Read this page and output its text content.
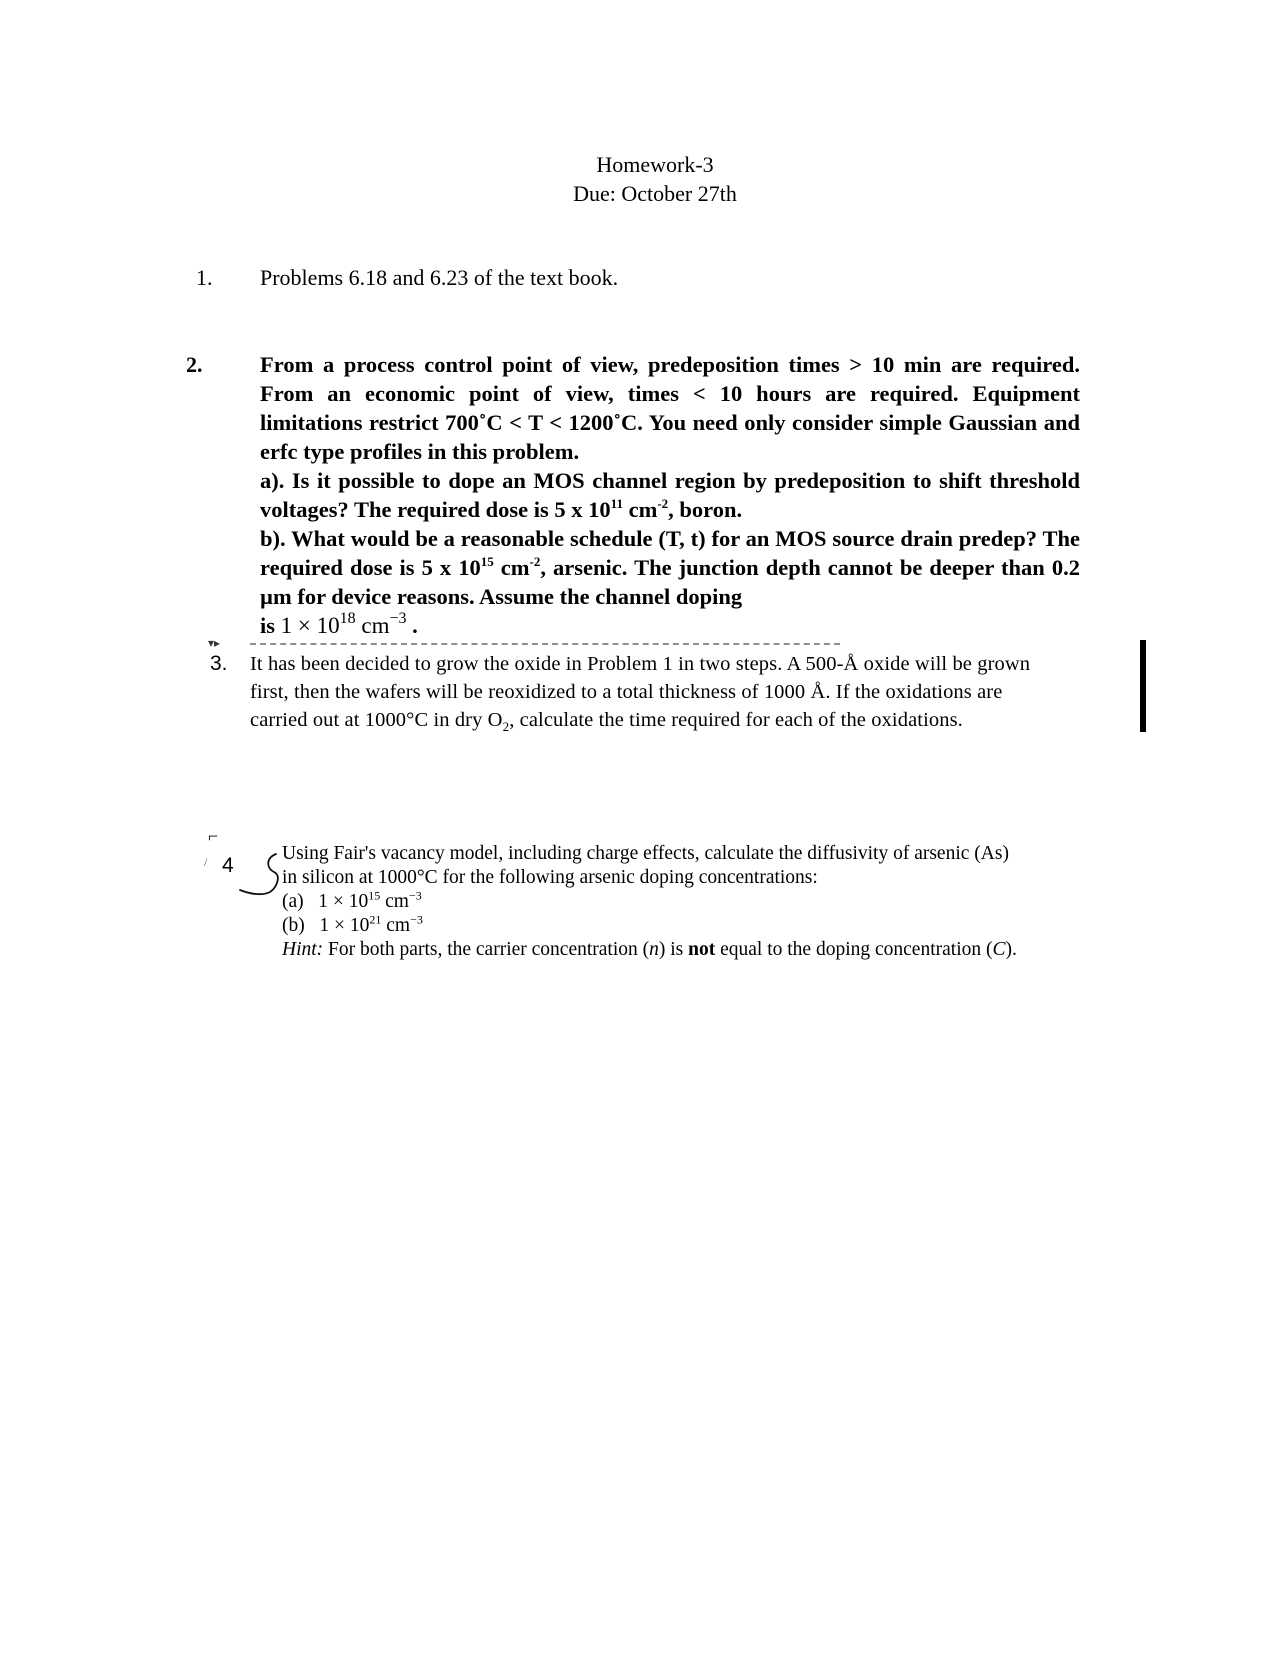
Homework-3
Due: October 27th
1. Problems 6.18 and 6.23 of the text book.
2.	From a process control point of view, predeposition times > 10 min are required. From an economic point of view, times < 10 hours are required. Equipment limitations restrict 700˚C < T < 1200˚C. You need only consider simple Gaussian and erfc type profiles in this problem.

a). Is it possible to dope an MOS channel region by predeposition to shift threshold voltages? The required dose is 5 x $10^{11}$ $cm^{-2}$, boron.

b). What would be a reasonable schedule (T, t) for an MOS source drain predep? The required dose is 5 x $10^{15}$ $cm^{-2}$, arsenic. The junction depth cannot be deeper than 0.2 µm for device reasons. Assume the channel doping

is $1 \times 10^{18}$ $cm^{-3}$ .

▾▸
3. It has been decided to grow the oxide in Problem 1 in two steps. A 500-Å oxide will be grown

first, then the wafers will be reoxidized to a total thickness of 1000 Å. If the oxidations are

carried out at 1000°C in dry $O_2$, calculate the time required for each of the oxidations.

⌐
/ 4

Using Fair's vacancy model, including charge effects, calculate the diffusivity of arsenic (As)

in silicon at 1000°C for the following arsenic doping concentrations:

(a) $1 \times 10^{15}$ $cm^{-3}$

(b) $1 \times 10^{21}$ $cm^{-3}$

Hint: For both parts, the carrier concentration (n) is not equal to the doping concentration (C).
